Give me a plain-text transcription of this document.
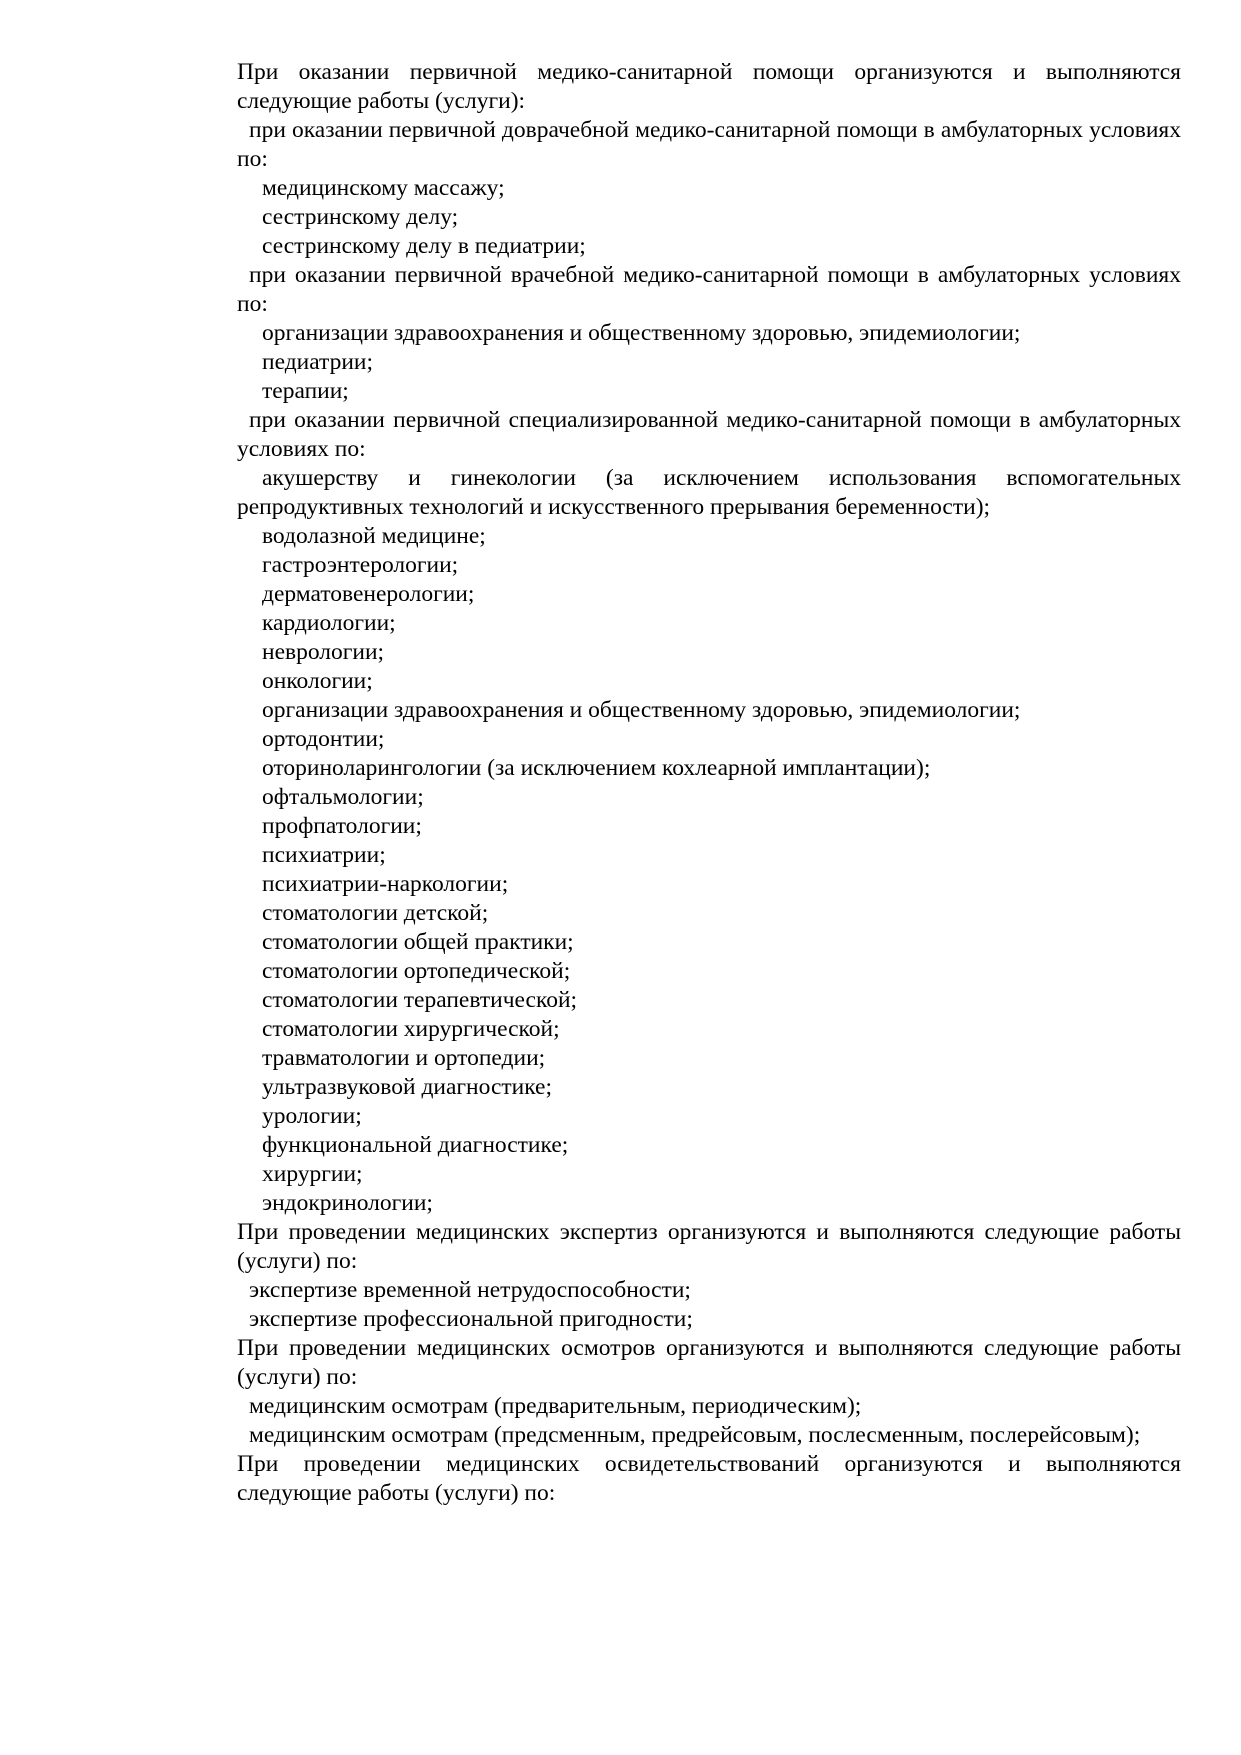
При оказании первичной медико-санитарной помощи организуются и выполняются следующие работы (услуги):

при оказании первичной доврачебной медико-санитарной помощи в амбулаторных условиях по:

медицинскому массажу;

сестринскому делу;

сестринскому делу в педиатрии;

при оказании первичной врачебной медико-санитарной помощи в амбулаторных условиях по:

организации здравоохранения и общественному здоровью, эпидемиологии;

педиатрии;

терапии;

при оказании первичной специализированной медико-санитарной помощи в амбулаторных условиях по:

акушерству и гинекологии (за исключением использования вспомогательных репродуктивных технологий и искусственного прерывания беременности);

водолазной медицине;

гастроэнтерологии;

дерматовенерологии;

кардиологии;

неврологии;

онкологии;

организации здравоохранения и общественному здоровью, эпидемиологии;

ортодонтии;

оториноларингологии (за исключением кохлеарной имплантации);

офтальмологии;

профпатологии;

психиатрии;

психиатрии-наркологии;

стоматологии детской;

стоматологии общей практики;

стоматологии ортопедической;

стоматологии терапевтической;

стоматологии хирургической;

травматологии и ортопедии;

ультразвуковой диагностике;

урологии;

функциональной диагностике;

хирургии;

эндокринологии;

При проведении медицинских экспертиз организуются и выполняются следующие работы (услуги) по:

экспертизе временной нетрудоспособности;

экспертизе профессиональной пригодности;

При проведении медицинских осмотров организуются и выполняются следующие работы (услуги) по:

медицинским осмотрам (предварительным, периодическим);

медицинским осмотрам (предсменным, предрейсовым, послесменным, послерейсовым);

При проведении медицинских освидетельствований организуются и выполняются следующие работы (услуги) по:
